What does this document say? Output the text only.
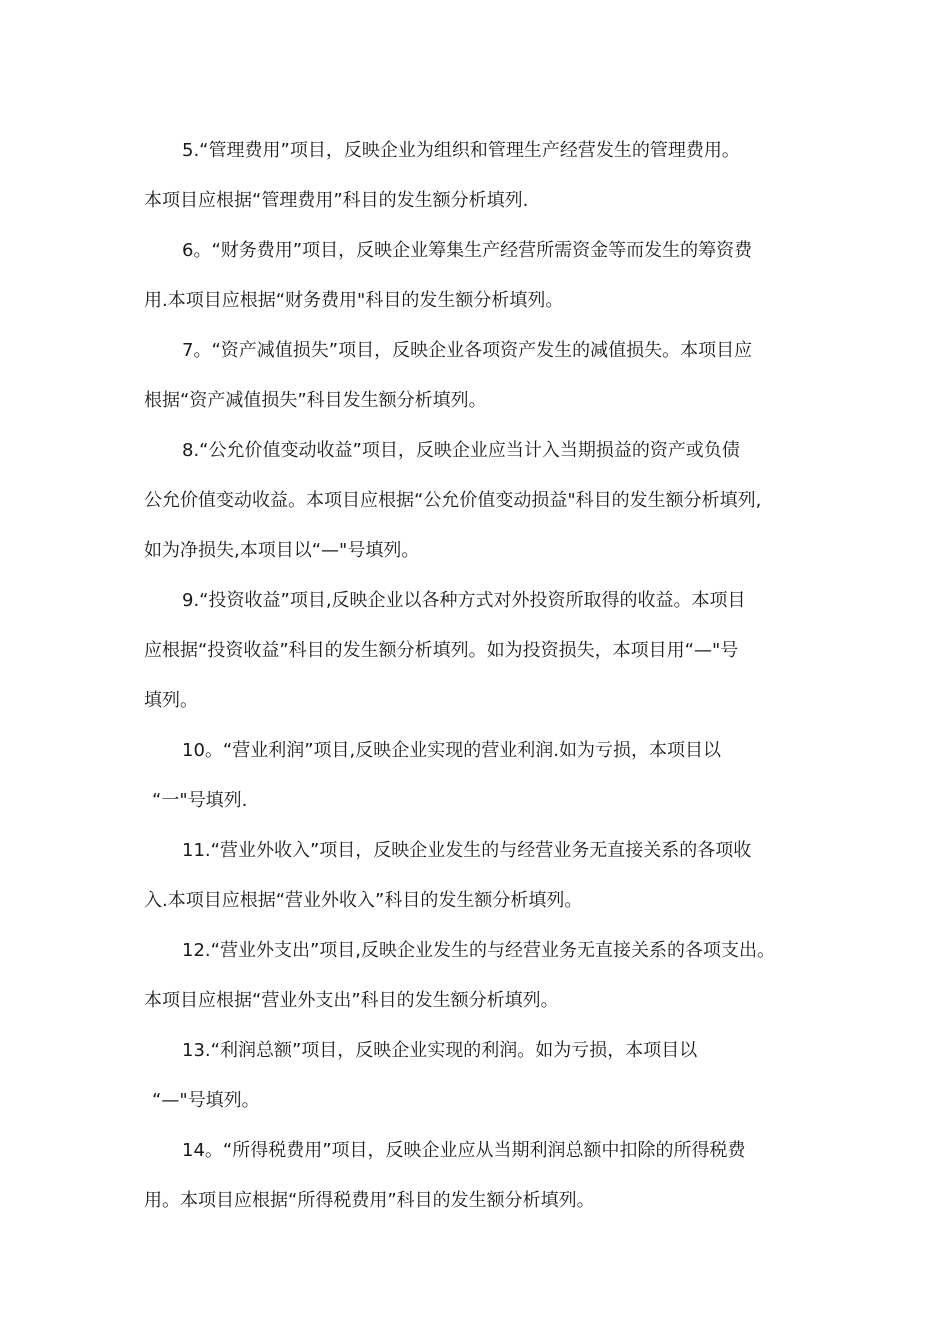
5.“管理费用”项目，反映企业为组织和管理生产经营发生的管理费用。
本项目应根据“管理费用”科目的发生额分析填列.
6。“财务费用”项目，反映企业筹集生产经营所需资金等而发生的筹资费
用.本项目应根据“财务费用"科目的发生额分析填列。
7。“资产减值损失”项目，反映企业各项资产发生的减值损失。本项目应
根据“资产减值损失”科目发生额分析填列。
8.“公允价值变动收益”项目，反映企业应当计入当期损益的资产或负债
公允价值变动收益。本项目应根据“公允价值变动损益"科目的发生额分析填列,
如为净损失,本项目以“—"号填列。
9.“投资收益”项目,反映企业以各种方式对外投资所取得的收益。本项目
应根据“投资收益”科目的发生额分析填列。如为投资损失，本项目用“—"号
填列。
10。“营业利润”项目,反映企业实现的营业利润.如为亏损，本项目以
“一"号填列.
11.“营业外收入”项目，反映企业发生的与经营业务无直接关系的各项收
入.本项目应根据“营业外收入”科目的发生额分析填列。
12.“营业外支出”项目,反映企业发生的与经营业务无直接关系的各项支出。
本项目应根据“营业外支出”科目的发生额分析填列。
13.“利润总额”项目，反映企业实现的利润。如为亏损，本项目以
“—"号填列。
14。“所得税费用”项目，反映企业应从当期利润总额中扣除的所得税费
用。本项目应根据“所得税费用”科目的发生额分析填列。
